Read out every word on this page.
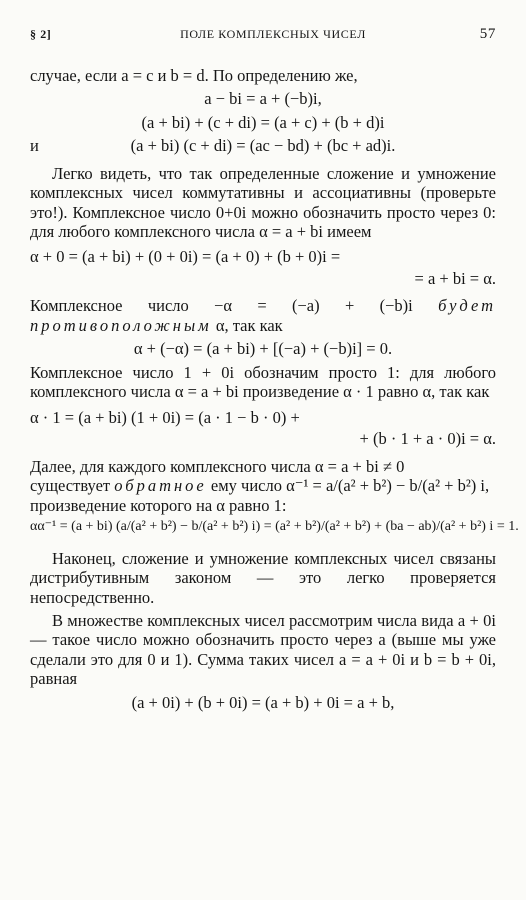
§ 2]	ПОЛЕ КОМПЛЕКСНЫХ ЧИСЕЛ	57

случае, если a = c и b = d. По определению же,

a − bi = a + (−b)i,
(a + bi) + (c + di) = (a + c) + (b + d)i
и	(a + bi) (c + di) = (ac − bd) + (bc + ad)i.

Легко видеть, что так определенные сложение и умножение комплексных чисел коммутативны и ассоциативны (проверьте это!). Комплексное число 0+0i можно обозначить просто через 0: для любого комплексного числа α = a + bi имеем

α + 0 = (a + bi) + (0 + 0i) = (a + 0) + (b + 0)i =
= a + bi = α.

Комплексное число −α = (−a) + (−b)i будет противоположным α, так как

α + (−α) = (a + bi) + [(−a) + (−b)i] = 0.

Комплексное число 1 + 0i обозначим просто 1: для любого комплексного числа α = a + bi произведение α · 1 равно α, так как

α · 1 = (a + bi) (1 + 0i) = (a · 1 − b · 0) +
+ (b · 1 + a · 0)i = α.

Далее, для каждого комплексного числа α = a + bi ≠ 0

существует обратное ему число α⁻¹ = a/(a² + b²) − b/(a² + b²) i,

произведение которого на α равно 1:

αα⁻¹ = (a + bi) (a/(a² + b²) − b/(a² + b²) i) = (a² + b²)/(a² + b²) + (ba − ab)/(a² + b²) i = 1.

Наконец, сложение и умножение комплексных чисел связаны дистрибутивным законом — это легко проверяется непосредственно.

В множестве комплексных чисел рассмотрим числа вида a + 0i — такое число можно обозначить просто через a (выше мы уже сделали это для 0 и 1). Сумма таких чисел a = a + 0i и b = b + 0i, равная

(a + 0i) + (b + 0i) = (a + b) + 0i = a + b,
